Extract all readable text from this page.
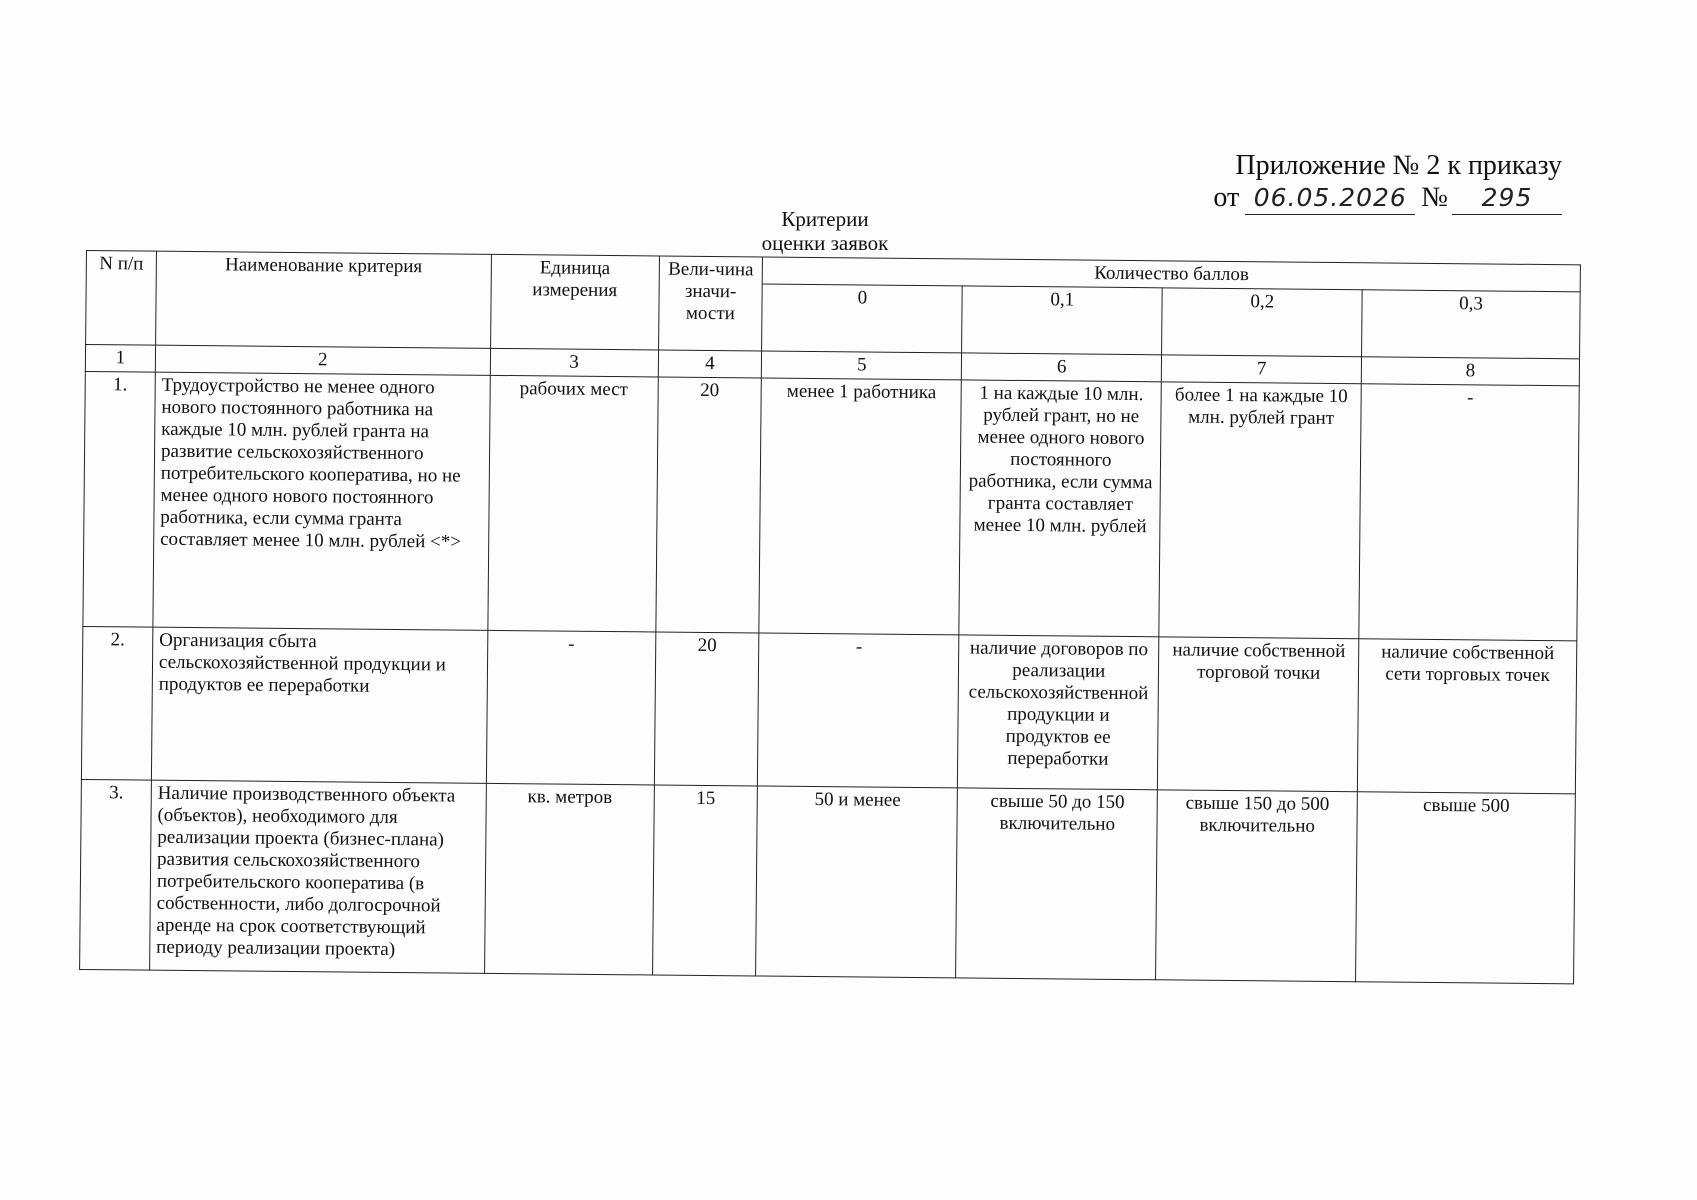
Приложение № 2 к приказу
от 06.05.2026 №	295
Критерии
оценки заявок
N п/п	Наименование критерия	Единица измерения	Вели-чина значи-мости	Количество баллов			
				0	0,1	0,2	0,3
1	2	3	4	5	6	7	8
1.	Трудоустройство не менее одного нового постоянного работника на каждые 10 млн. рублей гранта на развитие сельскохозяйственного потребительского кооператива, но не менее одного нового постоянного работника, если сумма гранта составляет менее 10 млн. рублей <*>	рабочих мест	20	менее 1 работника	1 на каждые 10 млн. рублей грант, но не менее одного нового постоянного работника, если сумма гранта составляет менее 10 млн. рублей	более 1 на каждые 10 млн. рублей грант	-
2.	Организация сбыта сельскохозяйственной продукции и продуктов ее переработки	-	20	-	наличие договоров по реализации сельскохозяйственной продукции и продуктов ее переработки	наличие собственной торговой точки	наличие собственной сети торговых точек
3.	Наличие производственного объекта (объектов), необходимого для реализации проекта (бизнес-плана) развития сельскохозяйственного потребительского кооператива (в собственности, либо долгосрочной аренде на срок соответствующий периоду реализации проекта)	кв. метров	15	50 и менее	свыше 50 до 150 включительно	свыше 150 до 500 включительно	свыше 500
